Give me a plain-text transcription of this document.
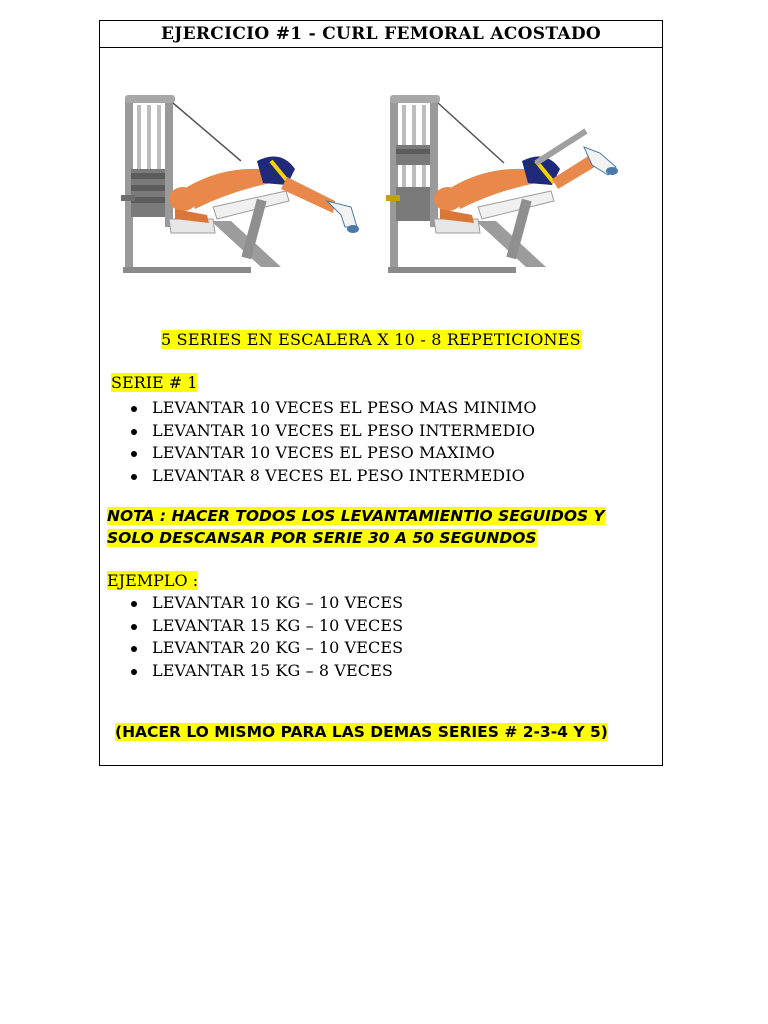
EJERCICIO #1 - CURL FEMORAL ACOSTADO
5 SERIES EN ESCALERA X 10 - 8 REPETICIONES
SERIE # 1
LEVANTAR 10 VECES EL PESO MAS MINIMO
LEVANTAR 10 VECES EL PESO INTERMEDIO
LEVANTAR 10 VECES EL PESO MAXIMO
LEVANTAR 8 VECES EL PESO INTERMEDIO
NOTA : HACER TODOS LOS LEVANTAMIENTIO SEGUIDOS Y
SOLO DESCANSAR POR SERIE 30 A 50 SEGUNDOS
EJEMPLO :
LEVANTAR 10 KG – 10 VECES
LEVANTAR 15 KG – 10 VECES
LEVANTAR 20 KG – 10 VECES
LEVANTAR 15 KG – 8 VECES
(HACER LO MISMO PARA LAS DEMAS SERIES # 2-3-4 Y 5)
